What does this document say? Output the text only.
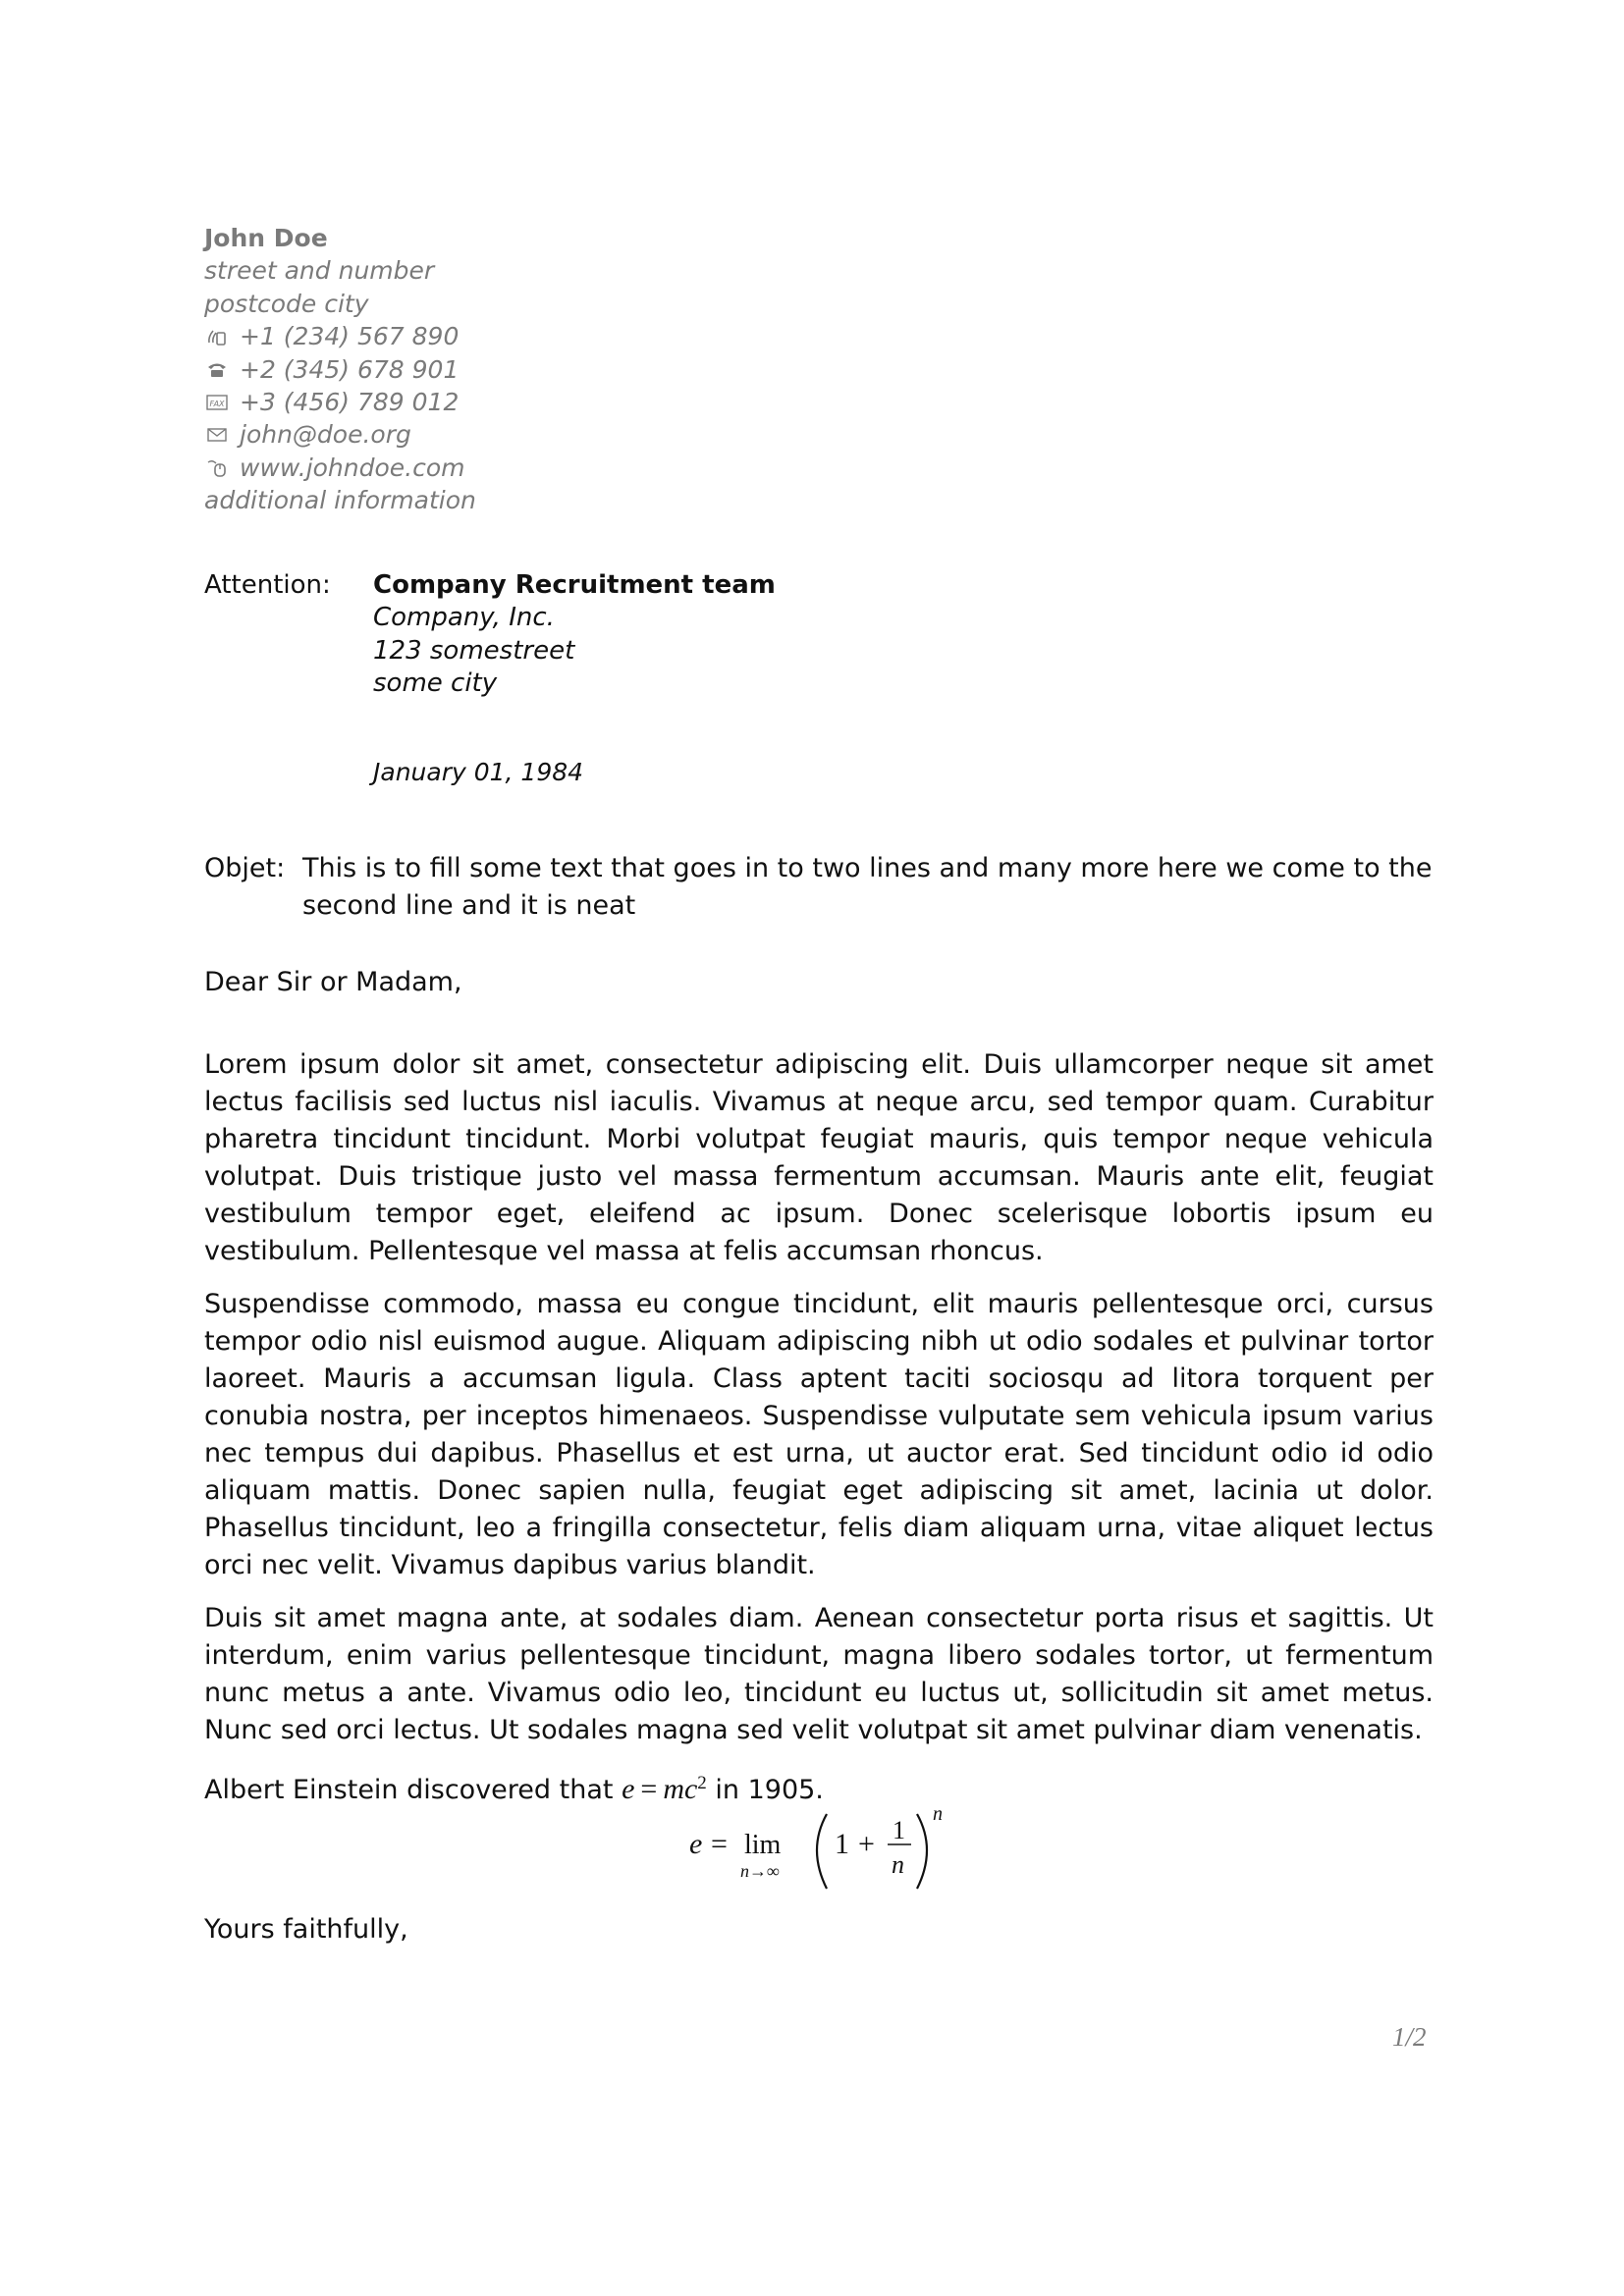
John Doe
street and number
postcode city
+1 (234) 567 890
+2 (345) 678 901
FAX +3 (456) 789 012
john@doe.org
www.johndoe.com
additional information
Attention: Company Recruitment team
Company, Inc.
123 somestreet
some city
January 01, 1984
Objet: This is to fill some text that goes in to two lines and many more here we come to the second line and it is neat
Dear Sir or Madam,

Lorem ipsum dolor sit amet, consectetur adipiscing elit. Duis ullamcorper neque sit amet lectus facilisis sed luctus nisl iaculis. Vivamus at neque arcu, sed tempor quam. Curabitur pharetra tincidunt tincidunt. Morbi volutpat feugiat mauris, quis tempor neque vehicula volutpat. Duis tristique justo vel massa fermentum accumsan. Mauris ante elit, feugiat vestibulum tempor eget, eleifend ac ipsum. Donec scelerisque lobortis ipsum eu vestibulum. Pellentesque vel massa at felis accumsan rhoncus.

Suspendisse commodo, massa eu congue tincidunt, elit mauris pellentesque orci, cursus tempor odio nisl euismod augue. Aliquam adipiscing nibh ut odio sodales et pulvinar tortor laoreet. Mauris a accumsan ligula. Class aptent taciti sociosqu ad litora torquent per conubia nostra, per inceptos himenaeos. Suspendisse vulputate sem vehicula ipsum varius nec tempus dui dapibus. Phasellus et est urna, ut auctor erat. Sed tincidunt odio id odio aliquam mattis. Donec sapien nulla, feugiat eget adipiscing sit amet, lacinia ut dolor. Phasellus tincidunt, leo a fringilla consectetur, felis diam aliquam urna, vitae aliquet lectus orci nec velit. Vivamus dapibus varius blandit.

Duis sit amet magna ante, at sodales diam. Aenean consectetur porta risus et sagittis. Ut interdum, enim varius pellentesque tincidunt, magna libero sodales tortor, ut fermentum nunc metus a ante. Vivamus odio leo, tincidunt eu luctus ut, sollicitudin sit amet metus. Nunc sed orci lectus. Ut sodales magna sed velit volutpat sit amet pulvinar diam venenatis.

Albert Einstein discovered that $e = mc^2$ in 1905.

e = lim
n→∞
1 + 1
n
n
Yours faithfully,
1/2
